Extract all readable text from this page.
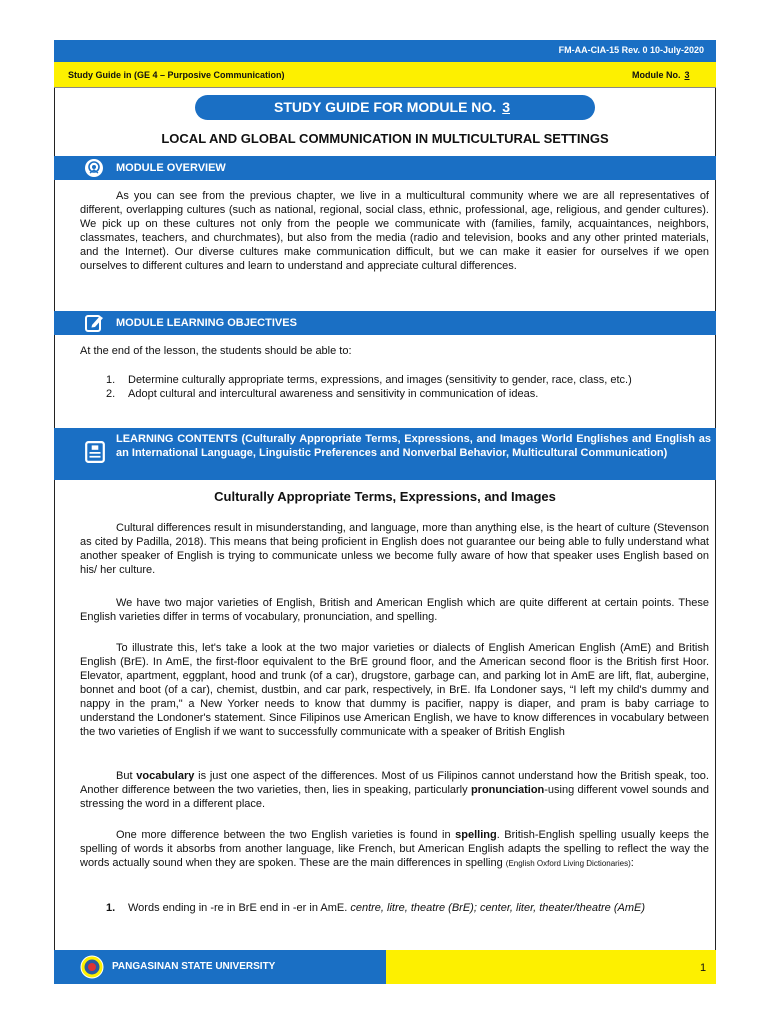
FM-AA-CIA-15 Rev. 0 10-July-2020
Study Guide in (GE 4 – Purposive Communication)	Module No. 3
STUDY GUIDE FOR MODULE NO. 3
LOCAL AND GLOBAL COMMUNICATION IN MULTICULTURAL SETTINGS
MODULE OVERVIEW
As you can see from the previous chapter, we live in a multicultural community where we are all representatives of different, overlapping cultures (such as national, regional, social class, ethnic, professional, age, religious, and gender cultures). We pick up on these cultures not only from the people we communicate with (families, family, acquaintances, neighbors, classmates, teachers, and churchmates), but also from the media (radio and television, books and any other printed materials, and the Internet). Our diverse cultures make communication difficult, but we can make it easier for ourselves if we open ourselves to different cultures and learn to understand and appreciate cultural differences.
MODULE LEARNING OBJECTIVES
At the end of the lesson, the students should be able to:
1.	Determine culturally appropriate terms, expressions, and images (sensitivity to gender, race, class, etc.)
2.	Adopt cultural and intercultural awareness and sensitivity in communication of ideas.
LEARNING CONTENTS (Culturally Appropriate Terms, Expressions, and Images World Englishes and English as an International Language, Linguistic Preferences and Nonverbal Behavior, Multicultural Communication)
Culturally Appropriate Terms, Expressions, and Images
Cultural differences result in misunderstanding, and language, more than anything else, is the heart of culture (Stevenson as cited by Padilla, 2018). This means that being proficient in English does not guarantee our being able to fully understand what another speaker of English is trying to communicate unless we become fully aware of how that speaker uses English based on his/ her culture.
We have two major varieties of English, British and American English which are quite different at certain points. These English varieties differ in terms of vocabulary, pronunciation, and spelling.
To illustrate this, let's take a look at the two major varieties or dialects of English American English (AmE) and British English (BrE). In AmE, the first-floor equivalent to the BrE ground floor, and the American second floor is the British first Hoor. Elevator, apartment, eggplant, hood and trunk (of a car), drugstore, garbage can, and parking lot in AmE are lift, flat, aubergine, bonnet and boot (of a car), chemist, dustbin, and car park, respectively, in BrE. Ifa Londoner says, “I left my child's dummy and nappy in the pram," a New Yorker needs to know that dummy is pacifier, nappy is diaper, and pram is baby carriage to understand the Londoner's statement. Since Filipinos use American English, we have to know differences in vocabulary between the two varieties of English if we want to successfully communicate with a speaker of British English
But vocabulary is just one aspect of the differences. Most of us Filipinos cannot understand how the British speak, too. Another difference between the two varieties, then, lies in speaking, particularly pronunciation-using different vowel sounds and stressing the word in a different place.
One more difference between the two English varieties is found in spelling. British-English spelling usually keeps the spelling of words it absorbs from another language, like French, but American English adapts the spelling to reflect the way the words actually sound when they are spoken. These are the main differences in spelling (English Oxford Living Dictionaries):
1.	Words ending in -re in BrE end in -er in AmE. centre, litre, theatre (BrE); center, liter, theater/theatre (AmE)
PANGASINAN STATE UNIVERSITY	1
